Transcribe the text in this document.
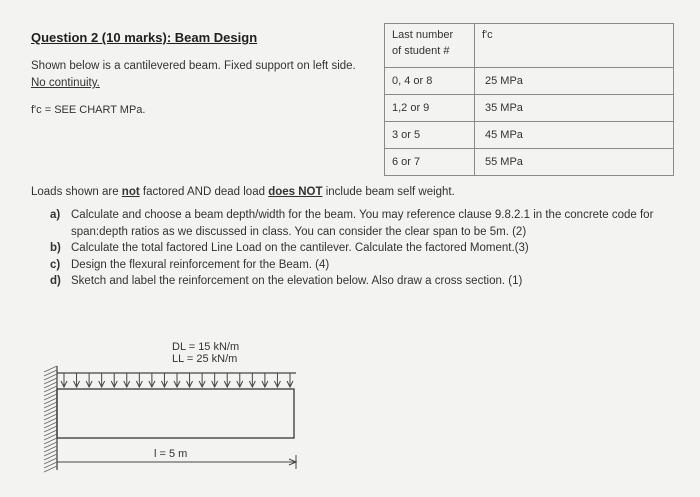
Question 2 (10 marks): Beam Design
Shown below is a cantilevered beam. Fixed support on left side. No continuity.
f'c = SEE CHART MPa.
Last number
of student #	f'c
0, 4 or 8	25 MPa
1,2 or 9	35 MPa
3 or 5	45 MPa
6 or 7	55 MPa
Loads shown are not factored AND dead load does NOT include beam self weight.
a) Calculate and choose a beam depth/width for the beam. You may reference clause 9.8.2.1 in the concrete code for span:depth ratios as we discussed in class. You can consider the clear span to be 5m. (2)
b) Calculate the total factored Line Load on the cantilever. Calculate the factored Moment.(3)
c) Design the flexural reinforcement for the Beam. (4)
d) Sketch and label the reinforcement on the elevation below. Also draw a cross section. (1)
DL = 15 kN/m
LL = 25 kN/m
l = 5 m
